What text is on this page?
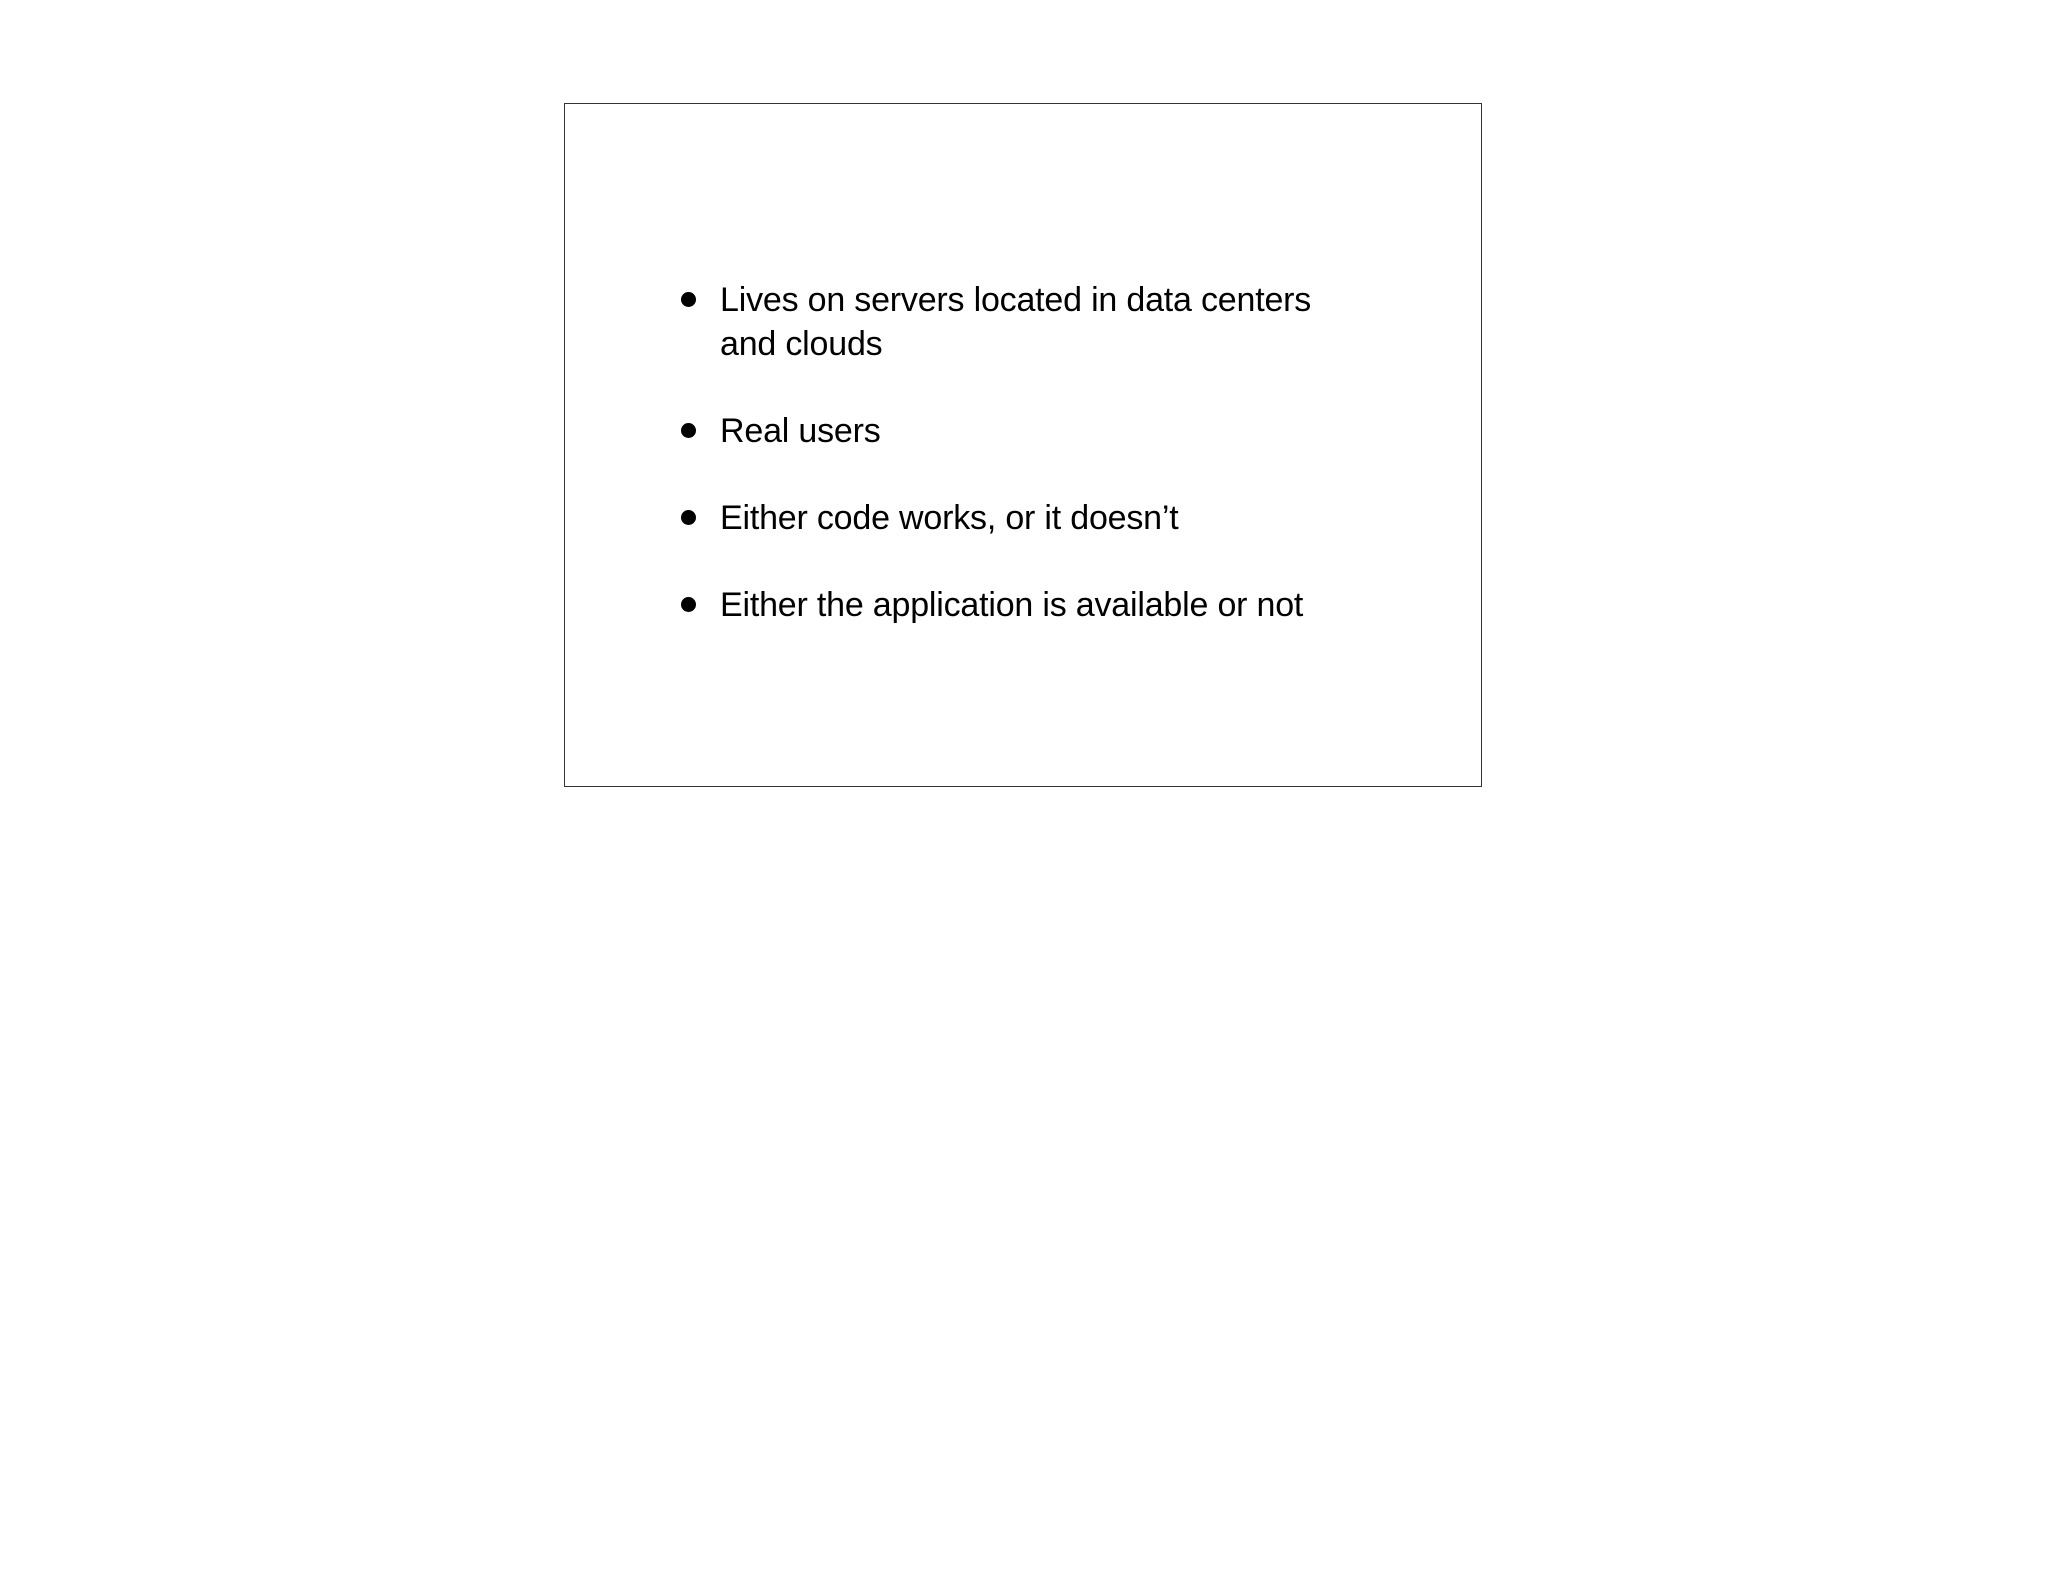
Lives on servers located in data centers
and clouds
Real users
Either code works, or it doesn’t
Either the application is available or not
